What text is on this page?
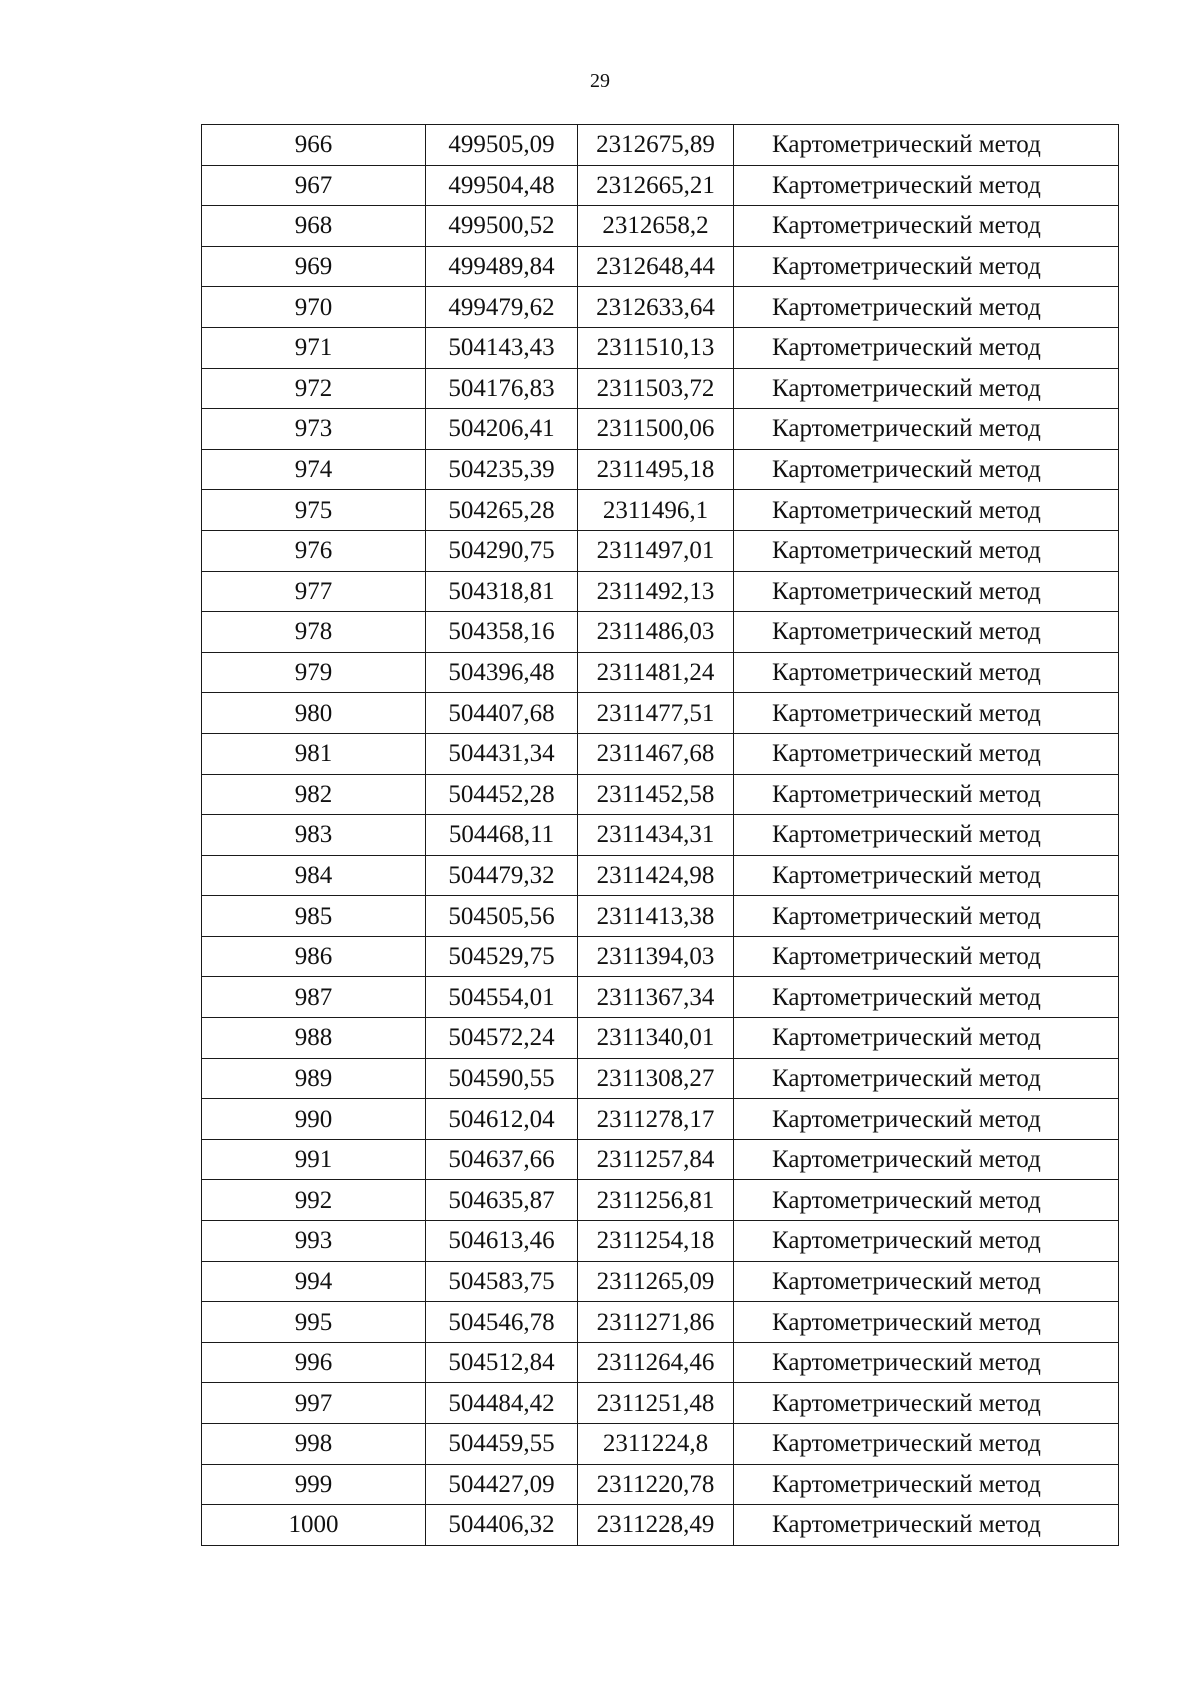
29
966	499505,09	2312675,89	Картометрический метод
967	499504,48	2312665,21	Картометрический метод
968	499500,52	2312658,2	Картометрический метод
969	499489,84	2312648,44	Картометрический метод
970	499479,62	2312633,64	Картометрический метод
971	504143,43	2311510,13	Картометрический метод
972	504176,83	2311503,72	Картометрический метод
973	504206,41	2311500,06	Картометрический метод
974	504235,39	2311495,18	Картометрический метод
975	504265,28	2311496,1	Картометрический метод
976	504290,75	2311497,01	Картометрический метод
977	504318,81	2311492,13	Картометрический метод
978	504358,16	2311486,03	Картометрический метод
979	504396,48	2311481,24	Картометрический метод
980	504407,68	2311477,51	Картометрический метод
981	504431,34	2311467,68	Картометрический метод
982	504452,28	2311452,58	Картометрический метод
983	504468,11	2311434,31	Картометрический метод
984	504479,32	2311424,98	Картометрический метод
985	504505,56	2311413,38	Картометрический метод
986	504529,75	2311394,03	Картометрический метод
987	504554,01	2311367,34	Картометрический метод
988	504572,24	2311340,01	Картометрический метод
989	504590,55	2311308,27	Картометрический метод
990	504612,04	2311278,17	Картометрический метод
991	504637,66	2311257,84	Картометрический метод
992	504635,87	2311256,81	Картометрический метод
993	504613,46	2311254,18	Картометрический метод
994	504583,75	2311265,09	Картометрический метод
995	504546,78	2311271,86	Картометрический метод
996	504512,84	2311264,46	Картометрический метод
997	504484,42	2311251,48	Картометрический метод
998	504459,55	2311224,8	Картометрический метод
999	504427,09	2311220,78	Картометрический метод
1000	504406,32	2311228,49	Картометрический метод
